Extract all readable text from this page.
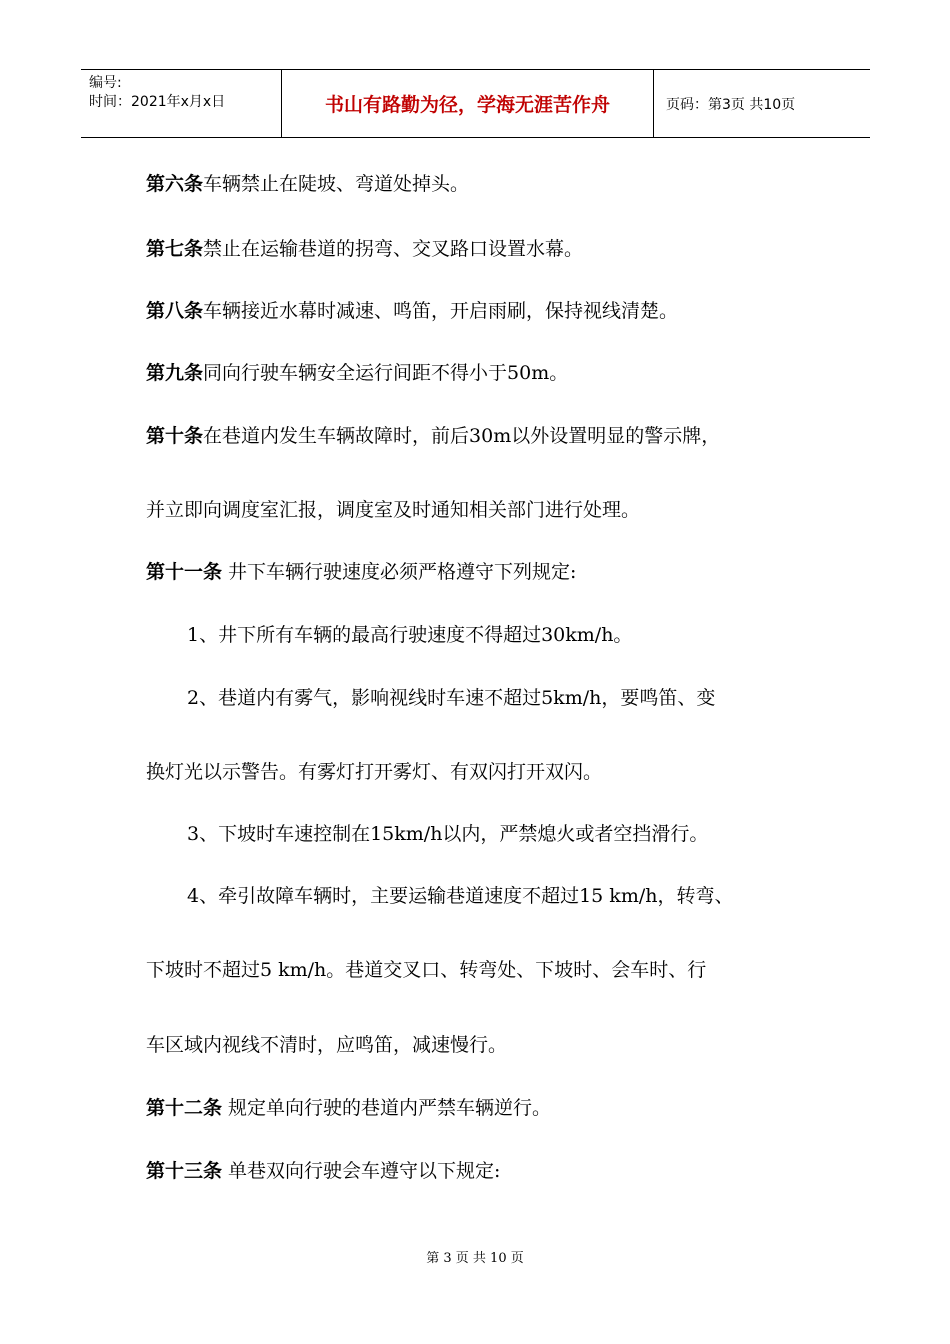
编号:
时间：2021年x月x日	书山有路勤为径，学海无涯苦作舟	页码：第3页 共10页
第六条车辆禁止在陡坡、弯道处掉头。
第七条禁止在运输巷道的拐弯、交叉路口设置水幕。
第八条车辆接近水幕时减速、鸣笛，开启雨刷，保持视线清楚。
第九条同向行驶车辆安全运行间距不得小于50m。
第十条在巷道内发生车辆故障时，前后30m以外设置明显的警示牌，
并立即向调度室汇报，调度室及时通知相关部门进行处理。
第十一条 井下车辆行驶速度必须严格遵守下列规定:
1、井下所有车辆的最高行驶速度不得超过30km/h。
2、巷道内有雾气，影响视线时车速不超过5km/h，要鸣笛、变
换灯光以示警告。有雾灯打开雾灯、有双闪打开双闪。
3、下坡时车速控制在15km/h以内，严禁熄火或者空挡滑行。
4、牵引故障车辆时，主要运输巷道速度不超过15 km/h，转弯、
下坡时不超过5 km/h。巷道交叉口、转弯处、下坡时、会车时、行
车区域内视线不清时，应鸣笛，减速慢行。
第十二条 规定单向行驶的巷道内严禁车辆逆行。
第十三条 单巷双向行驶会车遵守以下规定:
第 3 页 共 10 页
